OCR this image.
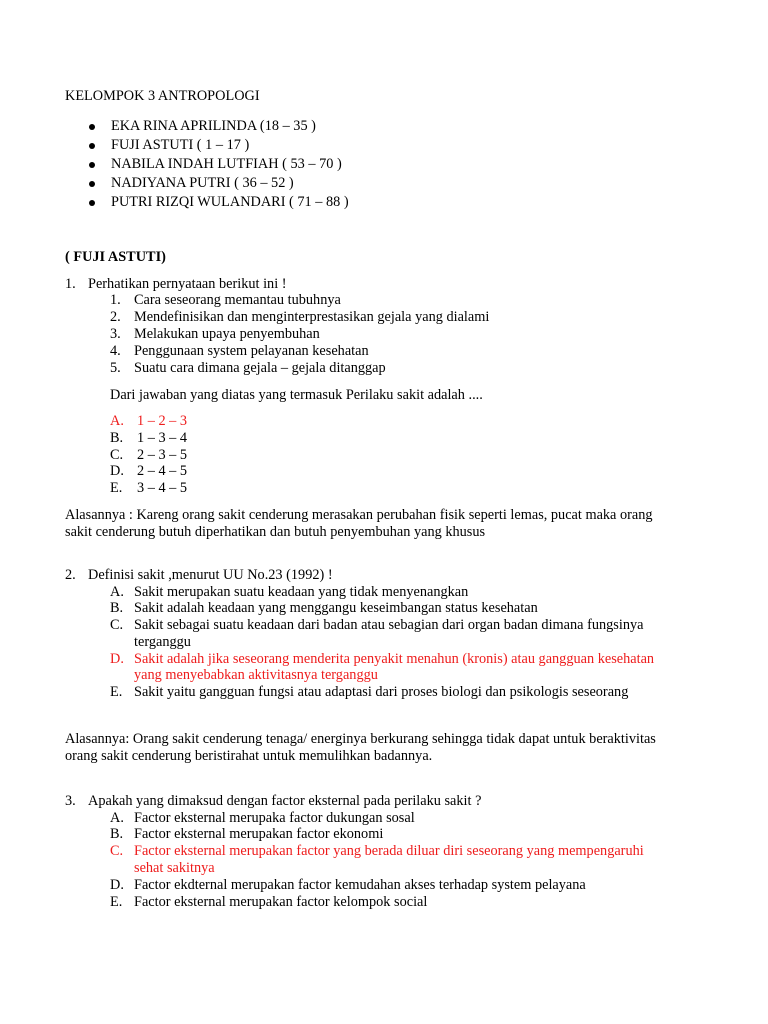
KELOMPOK 3 ANTROPOLOGI
EKA RINA APRILINDA (18 – 35 )
FUJI ASTUTI ( 1 – 17 )
NABILA INDAH LUTFIAH ( 53 – 70 )
NADIYANA PUTRI ( 36 – 52 )
PUTRI RIZQI WULANDARI ( 71 – 88 )
( FUJI ASTUTI)
1. Perhatikan pernyataan berikut ini !
1. Cara seseorang memantau tubuhnya
2. Mendefinisikan dan menginterprestasikan gejala yang dialami
3. Melakukan upaya penyembuhan
4. Penggunaan system pelayanan kesehatan
5. Suatu cara dimana gejala – gejala ditanggap
Dari jawaban yang diatas yang termasuk Perilaku sakit adalah ....
A. 1 – 2 – 3
B. 1 – 3 – 4
C. 2 – 3 – 5
D. 2 – 4 – 5
E. 3 – 4 – 5
Alasannya : Kareng orang sakit cenderung merasakan perubahan fisik seperti lemas, pucat maka orang
sakit cenderung butuh diperhatikan dan butuh penyembuhan yang khusus
2. Definisi sakit ,menurut UU No.23 (1992) !
A. Sakit merupakan suatu keadaan yang tidak menyenangkan
B. Sakit adalah keadaan yang menggangu keseimbangan status kesehatan
C. Sakit sebagai suatu keadaan dari badan atau sebagian dari organ badan dimana fungsinya
terganggu
D. Sakit adalah jika seseorang menderita penyakit menahun (kronis) atau gangguan kesehatan
yang menyebabkan aktivitasnya terganggu
E. Sakit yaitu gangguan fungsi atau adaptasi dari proses biologi dan psikologis seseorang
Alasannya: Orang sakit cenderung tenaga/ energinya berkurang sehingga tidak dapat untuk beraktivitas
orang sakit cenderung beristirahat untuk memulihkan badannya.
3. Apakah yang dimaksud dengan factor eksternal pada perilaku sakit ?
A. Factor eksternal merupaka factor dukungan sosal
B. Factor eksternal merupakan factor ekonomi
C. Factor eksternal merupakan factor yang berada diluar diri seseorang yang mempengaruhi
sehat sakitnya
D. Factor ekdternal merupakan factor kemudahan akses terhadap system pelayana
E. Factor eksternal merupakan factor kelompok social
